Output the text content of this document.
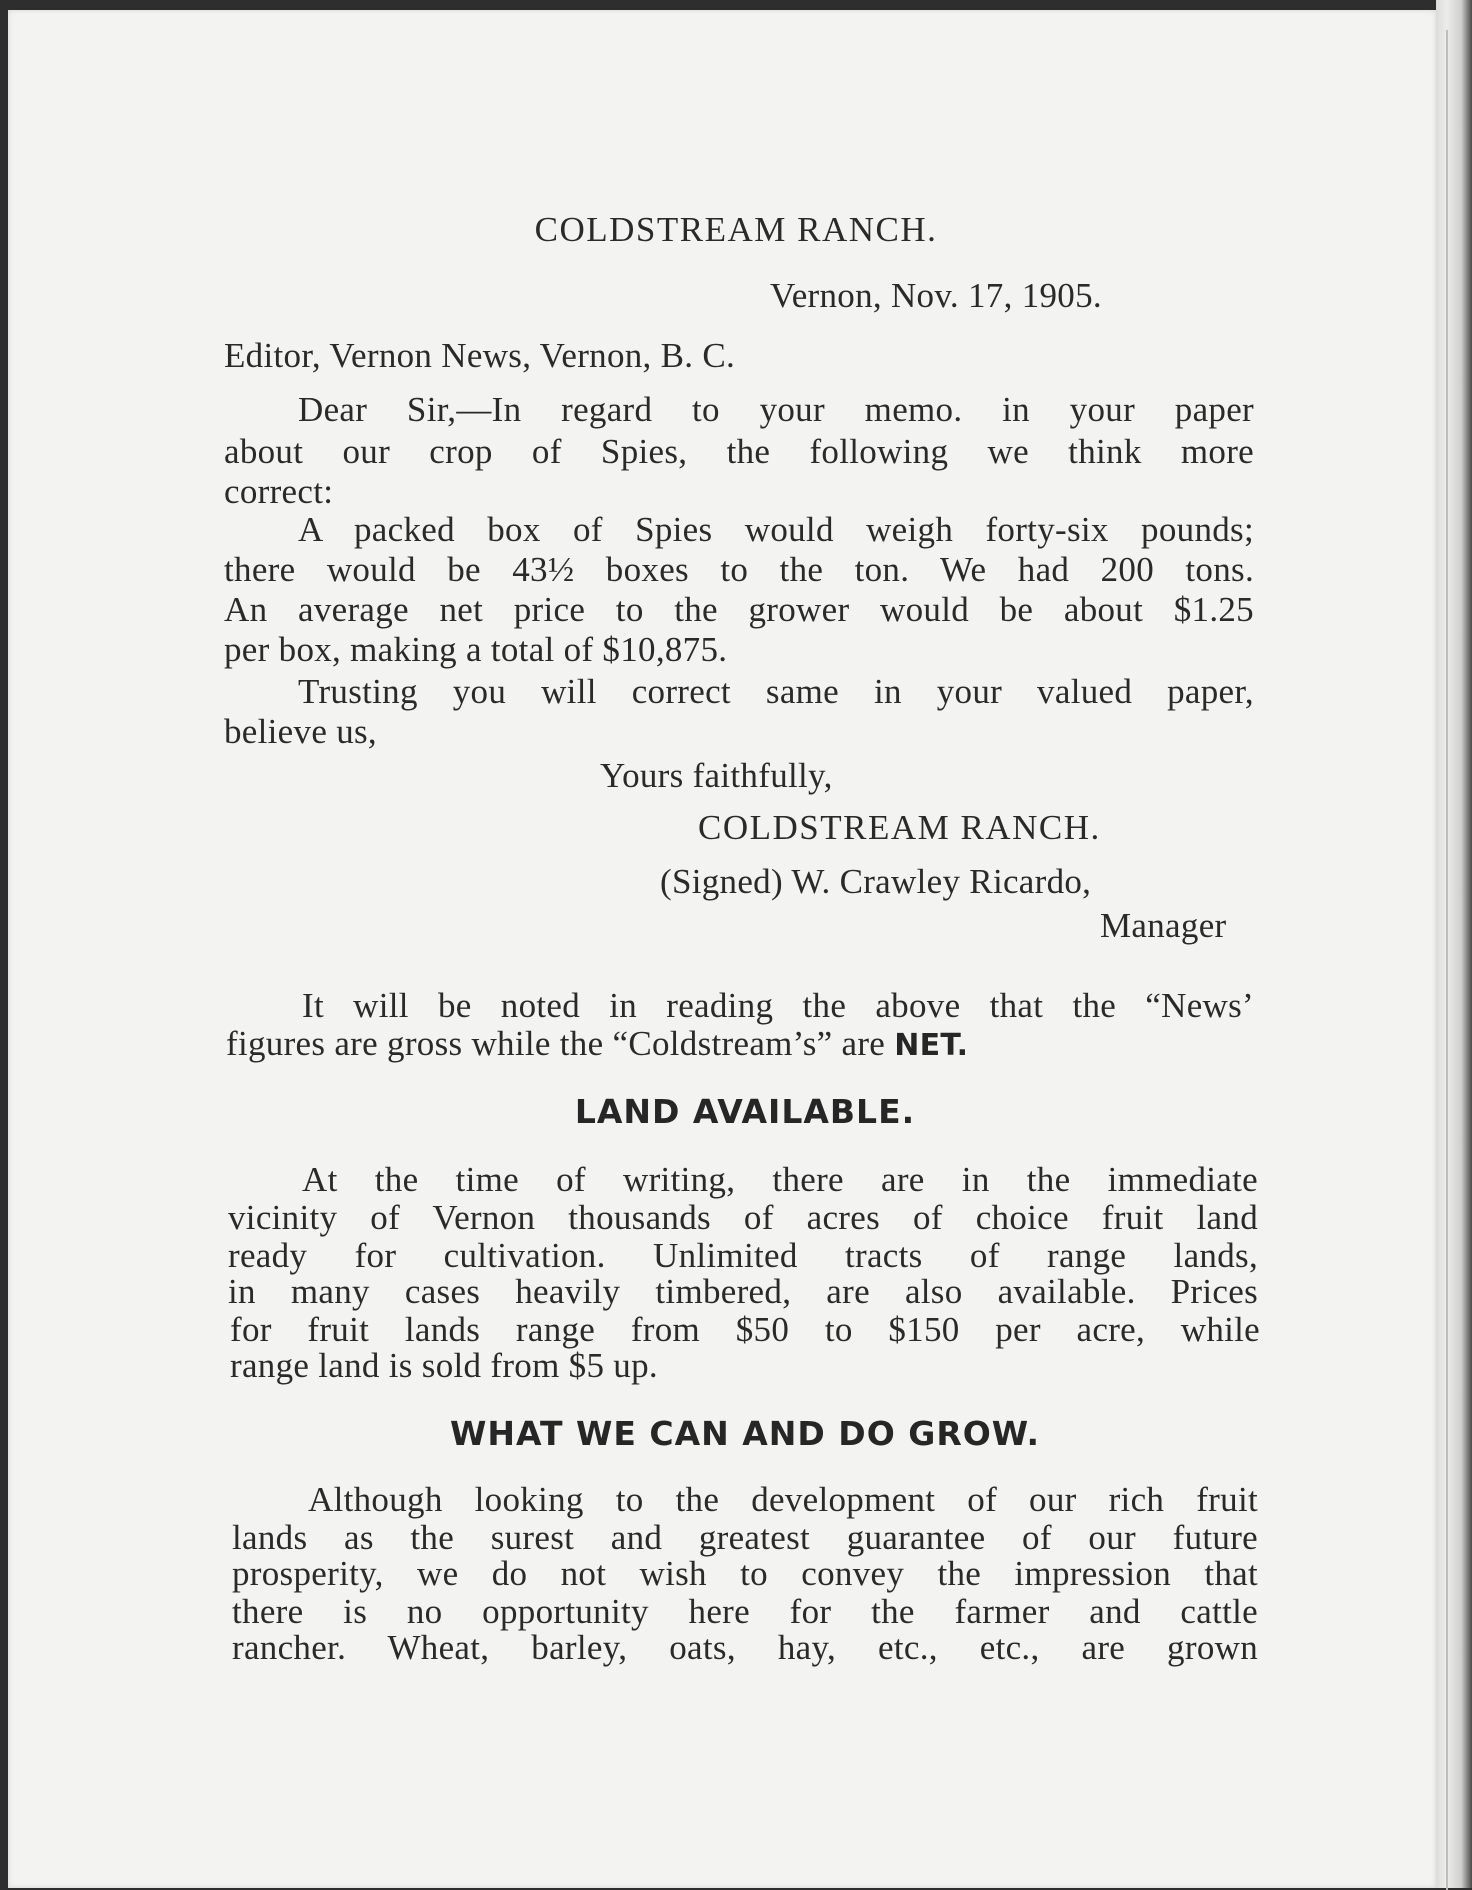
COLDSTREAM RANCH.
Vernon, Nov. 17, 1905.
Editor, Vernon News, Vernon, B. C.
Dear Sir,—In regard to your memo. in your paper
about our crop of Spies, the following we think more
correct:
A packed box of Spies would weigh forty-six pounds;
there would be 43½ boxes to the ton. We had 200 tons.
An average net price to the grower would be about $1.25
per box, making a total of $10,875.
Trusting you will correct same in your valued paper,
believe us,
Yours faithfully,
COLDSTREAM RANCH.
(Signed) W. Crawley Ricardo,
Manager
It will be noted in reading the above that the “News’
figures are gross while the “Coldstream’s” are NET.
LAND AVAILABLE.
At the time of writing, there are in the immediate
vicinity of Vernon thousands of acres of choice fruit land
ready for cultivation. Unlimited tracts of range lands,
in many cases heavily timbered, are also available. Prices
for fruit lands range from $50 to $150 per acre, while
range land is sold from $5 up.
WHAT WE CAN AND DO GROW.
Although looking to the development of our rich fruit
lands as the surest and greatest guarantee of our future
prosperity, we do not wish to convey the impression that
there is no opportunity here for the farmer and cattle
rancher. Wheat, barley, oats, hay, etc., etc., are grown
